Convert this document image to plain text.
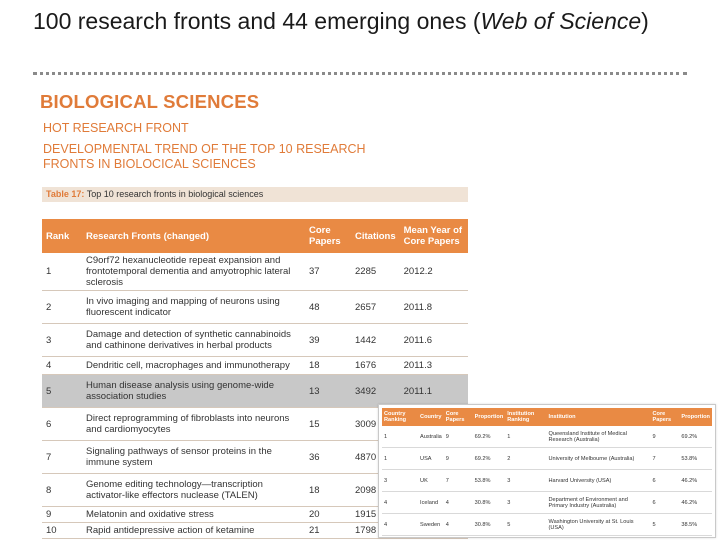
100 research fronts and 44 emerging ones (Web of Science)
BIOLOGICAL SCIENCES
HOT RESEARCH FRONT
DEVELOPMENTAL TREND OF THE TOP 10 RESEARCH FRONTS IN BIOLOCICAL SCIENCES
Table 17: Top 10 research fronts in biological sciences
Rank	Research Fronts (changed)	Core Papers	Citations	Mean Year of Core Papers
1	C9orf72 hexanucleotide repeat expansion and frontotemporal dementia and amyotrophic lateral sclerosis	37	2285	2012.2
2	In vivo imaging and mapping of neurons using fluorescent indicator	48	2657	2011.8
3	Damage and detection of synthetic cannabinoids and cathinone derivatives in herbal products	39	1442	2011.6
4	Dendritic cell, macrophages and immunotherapy	18	1676	2011.3
5	Human disease analysis using genome-wide association studies	13	3492	2011.1
6	Direct reprogramming of fibroblasts into neurons and cardiomyocytes	15	3009	
7	Signaling pathways of sensor proteins in the immune system	36	4870	
8	Genome editing technology—transcription activator-like effectors nuclease (TALEN)	18	2098	
9	Melatonin and oxidative stress	20	1915	
10	Rapid antidepressive action of ketamine	21	1798	
Country Ranking	Country	Core Papers	Proportion	Institution Ranking	Institution	Core Papers	Proportion
1	Australia	9	69.2%	1	Queensland Institute of Medical Research (Australia)	9	69.2%
1	USA	9	69.2%	2	University of Melbourne (Australia)	7	53.8%
3	UK	7	53.8%	3	Harvard University (USA)	6	46.2%
4	Iceland	4	30.8%	3	Department of Environment and Primary Industry (Australia)	6	46.2%
4	Sweden	4	30.8%	5	Washington University at St. Louis (USA)	5	38.5%
